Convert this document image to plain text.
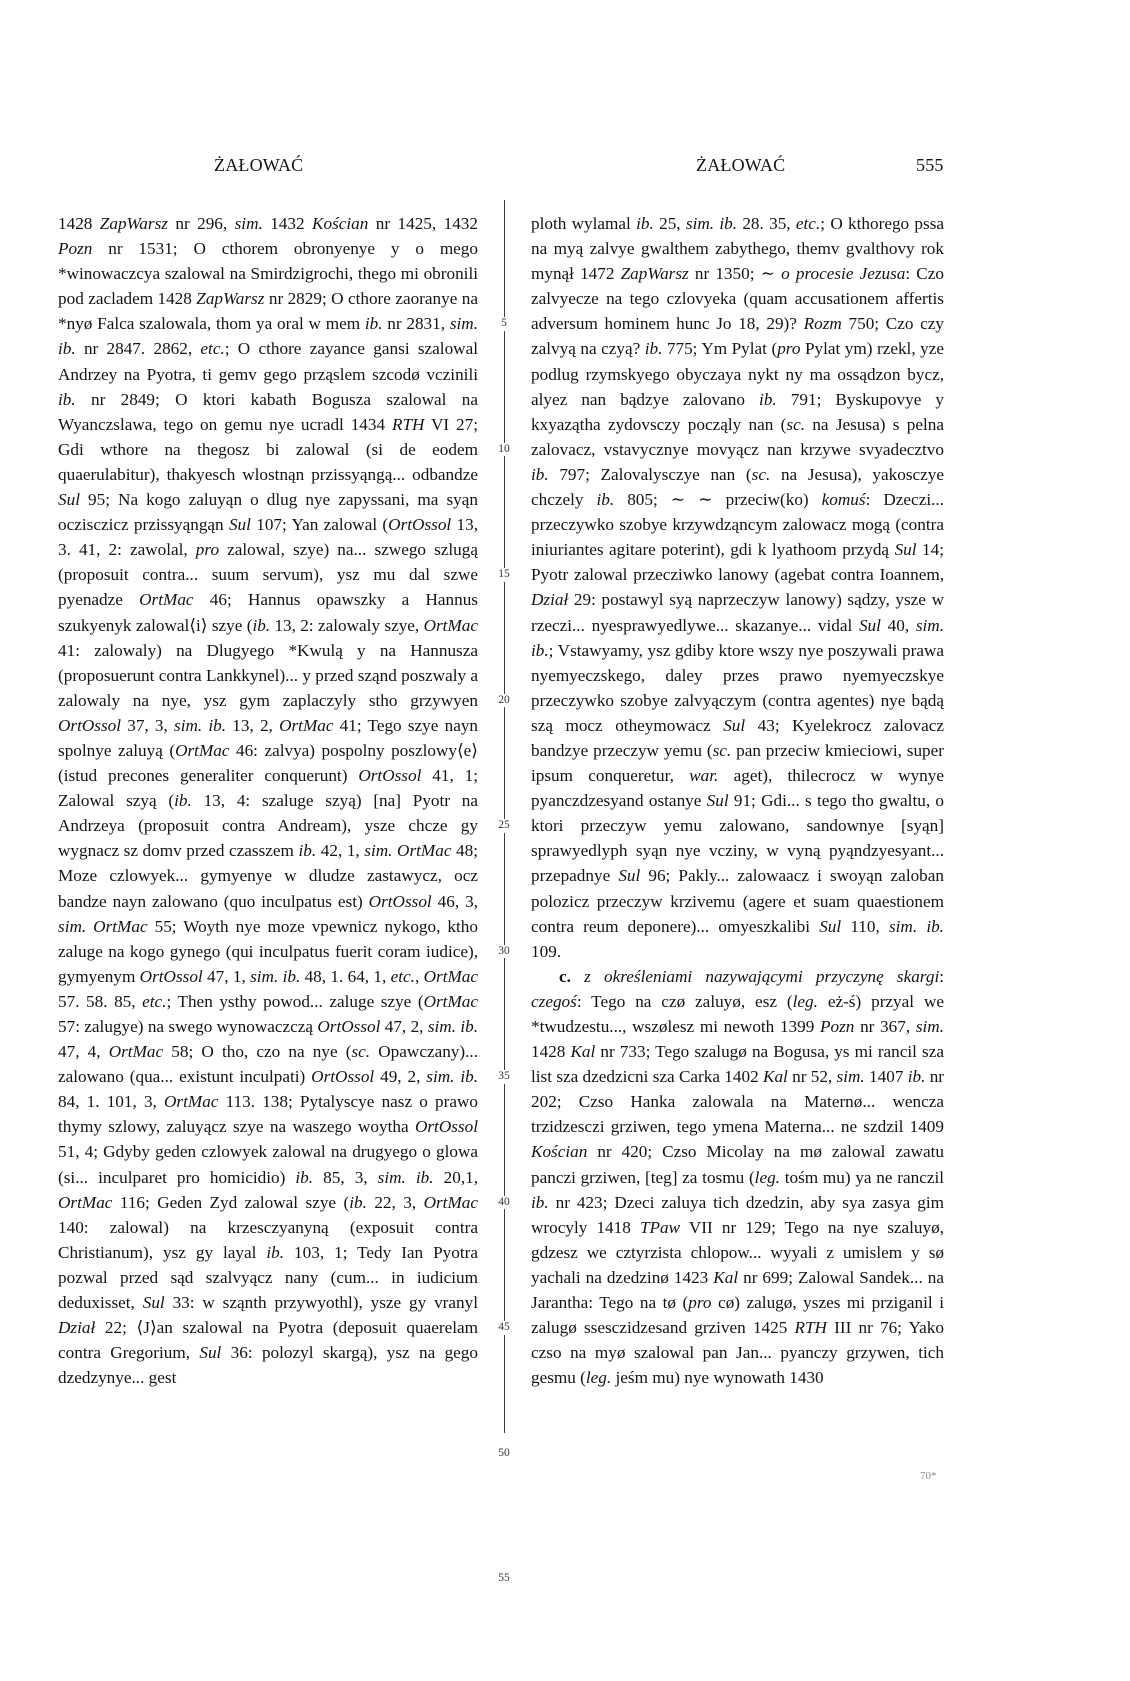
ŻAŁOWAĆ	ŻAŁOWAĆ	555

1428 ZapWarsz nr 296, sim. 1432 Kościan nr 1425, 1432 Pozn nr 1531; O cthorem obronyenye y o mego *winowaczcya szalowal na Smirdzigrochi, thego mi obronili pod zacladem 1428 ZapWarsz nr 2829; O cthore zaoranye na *nyø Falca szalowala, thom ya oral w mem ib. nr 2831, sim. ib. nr 2847. 2862, etc.; O cthore zayance gansi szalowal Andrzey na Pyotra, ti gemv gego prząslem szcodø vczinili ib. nr 2849; O ktori kabath Bogusza szalowal na Wyanczslawa, tego on gemu nye ucradl 1434 RTH VI 27; Gdi wthore na thegosz bi zalowal (si de eodem quaerulabitur), thakyesch wlostnąn przissyąngą... odbandze Sul 95; Na kogo zaluyąn o dlug nye zapyssani, ma syąn oczisczicz przissyąngąn Sul 107; Yan zalowal (OrtOssol 13, 3. 41, 2: zawolal, pro zalowal, szye) na... szwego szlugą (proposuit contra... suum servum), ysz mu dal szwe pyenadze OrtMac 46; Hannus opawszky a Hannus szukyenyk zalowal⟨i⟩ szye (ib. 13, 2: zalowaly szye, OrtMac 41: zalowaly) na Dlugyego *Kwulą y na Hannusza (proposuerunt contra Lankkynel)... y przed sząnd poszwaly a zalowaly na nye, ysz gym zaplaczyly stho grzywyen OrtOssol 37, 3, sim. ib. 13, 2, OrtMac 41; Tego szye nayn spolnye zaluyą (OrtMac 46: zalvya) pospolny poszlowy⟨e⟩ (istud precones generaliter conquerunt) OrtOssol 41, 1; Zalowal szyą (ib. 13, 4: szaluge szyą) [na] Pyotr na Andrzeya (proposuit contra Andream), ysze chcze gy wygnacz sz domv przed czasszem ib. 42, 1, sim. OrtMac 48; Moze czlowyek... gymyenye w dludze zastawycz, ocz bandze nayn zalowano (quo inculpatus est) OrtOssol 46, 3, sim. OrtMac 55; Woyth nye moze vpewnicz nykogo, ktho zaluge na kogo gynego (qui inculpatus fuerit coram iudice), gymyenym OrtOssol 47, 1, sim. ib. 48, 1. 64, 1, etc., OrtMac 57. 58. 85, etc.; Then ysthy powod... zaluge szye (OrtMac 57: zalugye) na swego wynowaczczą OrtOssol 47, 2, sim. ib. 47, 4, OrtMac 58; O tho, czo na nye (sc. Opawczany)... zalowano (qua... existunt inculpati) OrtOssol 49, 2, sim. ib. 84, 1. 101, 3, OrtMac 113. 138; Pytalyscye nasz o prawo thymy szlowy, zaluyącz szye na waszego woytha OrtOssol 51, 4; Gdyby geden czlowyek zalowal na drugyego o glowa (si... inculparet pro homicidio) ib. 85, 3, sim. ib. 20,1, OrtMac 116; Geden Zyd zalowal szye (ib. 22, 3, OrtMac 140: zalowal) na krzesczyanyną (exposuit contra Christianum), ysz gy layal ib. 103, 1; Tedy Ian Pyotra pozwal przed sąd szalvyącz nany (cum... in iudicium deduxisset, Sul 33: w sząnth przywyothl), ysze gy vranyl Dział 22; ⟨J⟩an szalowal na Pyotra (deposuit quaerelam contra Gregorium, Sul 36: polozyl skargą), ysz na gego dzedzynye... gest

5
10
15
20
25
30
35
40
45
50
55

ploth wylamal ib. 25, sim. ib. 28. 35, etc.; O kthorego pssa na myą zalvye gwalthem zabythego, themv gvalthovy rok mynął 1472 ZapWarsz nr 1350; ∼ o procesie Jezusa: Czo zalvyecze na tego czlovyeka (quam accusationem affertis adversum hominem hunc Jo 18, 29)? Rozm 750; Czo czy zalvyą na czyą? ib. 775; Ym Pylat (pro Pylat ym) rzekl, yze podlug rzymskyego obyczaya nykt ny ma ossądzon bycz, alyez nan bądzye zalovano ib. 791; Byskupovye y kxyazątha zydovsczy począly nan (sc. na Jesusa) s pelna zalovacz, vstavycznye movyącz nan krzywe svyadecztvo ib. 797; Zalovalysczye nan (sc. na Jesusa), yakosczye chczely ib. 805; ∼ ∼ przeciw(ko) komuś: Dzeczi... przeczywko szobye krzywdząncym zalowacz mogą (contra iniuriantes agitare poterint), gdi k lyathoom przydą Sul 14; Pyotr zalowal przecziwko lanowy (agebat contra Ioannem, Dział 29: postawyl syą naprzeczyw lanowy) sądzy, ysze w rzeczi... nyesprawyedlywe... skazanye... vidal Sul 40, sim. ib.; Vstawyamy, ysz gdiby ktore wszy nye poszywali prawa nyemyeczskego, daley przes prawo nyemyeczskye przeczywko szobye zalvyączym (contra agentes) nye bądą szą mocz otheymowacz Sul 43; Kyelekrocz zalovacz bandzye przeczyw yemu (sc. pan przeciw kmieciowi, super ipsum conqueretur, war. aget), thilecrocz w wynye pyanczdzesyand ostanye Sul 91; Gdi... s tego tho gwaltu, o ktori przeczyw yemu zalowano, sandownye [syąn] sprawyedlyph syąn nye vcziny, w vyną pyąndzyesyant... przepadnye Sul 96; Pakly... zalowaacz i swoyąn zaloban polozicz przeczyw krzivemu (agere et suam quaestionem contra reum deponere)... omyeszkalibi Sul 110, sim. ib. 109.

c. z określeniami nazywającymi przyczynę skargi: czegoś: Tego na czø zaluyø, esz (leg. eż-ś) przyal we *twudzestu..., wszølesz mi newoth 1399 Pozn nr 367, sim. 1428 Kal nr 733; Tego szalugø na Bogusa, ys mi rancil sza list sza dzedzicni sza Carka 1402 Kal nr 52, sim. 1407 ib. nr 202; Czso Hanka zalowala na Maternø... wencza trzidzesczi grziwen, tego ymena Materna... ne szdzil 1409 Kościan nr 420; Czso Micolay na mø zalowal zawatu panczi grziwen, [teg] za tosmu (leg. tośm mu) ya ne ranczil ib. nr 423; Dzeci zaluya tich dzedzin, aby sya zasya gim wrocyly 1418 TPaw VII nr 129; Tego na nye szaluyø, gdzesz we cztyrzista chlopow... wyyali z umislem y sø yachali na dzedzinø 1423 Kal nr 699; Zalowal Sandek... na Jarantha: Tego na tø (pro cø) zalugø, yszes mi prziganil i zalugø ssesczidzesand grziven 1425 RTH III nr 76; Yako czso na myø szalowal pan Jan... pyanczy grzywen, tich gesmu (leg. jeśm mu) nye wynowath 1430

70*
